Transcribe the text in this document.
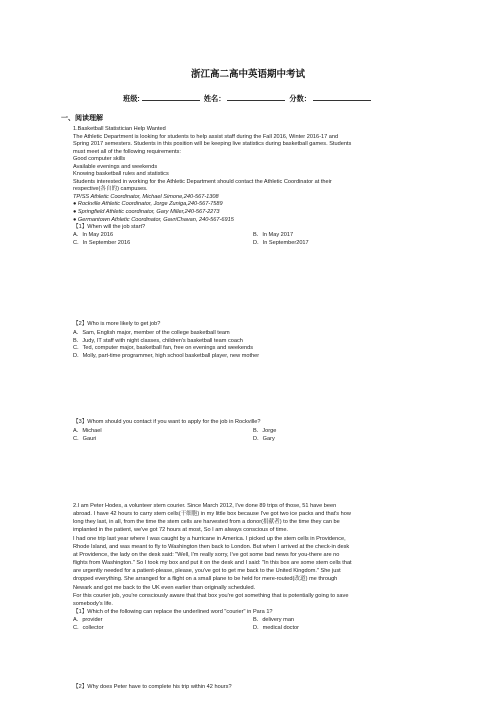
浙江高二高中英语期中考试
班级:	姓名：	分数：
一、阅读理解

1.Basketball Statistician Help Wanted

The Athletic Department is looking for students to help assist staff during the Fall 2016, Winter 2016-17 and

Spring 2017 semesters. Students in this position will be keeping live statistics during basketball games. Students

must meet all of the following requirements:

Good computer skills

Available evenings and weekends

Knowing basketball rules and statistics

Students interested in working for the Athletic Department should contact the Athletic Coordinator at their

respective(各自的) campuses.

TP/SS Athletic Coordinator, Michael Simone,240-567-1308

● Rockville Athletic Coordinator, Jorge Zuniga,240-567-7589

● Springfield Athletic coordinator, Gary Miller,240-567-2273

● Germantown Athletic Coordinator, GavriChavan, 240-567-6915

【1】When will the job start?
A．In May 2016	B．In May 2017
C．In September 2016	D．In September2017
【2】Who is more likely to get job?
A．Sam, English major, member of the college basketball team
B．Judy, IT staff with night classes, children's basketball team coach
C．Ted, computer major, basketball fan, free on evenings and weekends
D．Molly, part-time programmer, high school basketball player, new mother
【3】Whom should you contact if you want to apply for the job in Rockville?
A．Michael	B．Jorge
C．Gauri	D．Gary

2.I am Peter Hodes, a volunteer stem courier. Since March 2012, I've done 89 trips of those, 51 have been

abroad. I have 42 hours to carry stem cells(干细胞) in my little box because I've got two ice packs and that's how

long they last, in all, from the time the stem cells are harvested from a donor(捐献者) to the time they can be

implanted in the patient, we've got 72 hours at most, So I am always conscious of time.

I had one trip last year where I was caught by a hurricane in America. I picked up the stem cells in Providence,

Rhode Island, and was meant to fly to Washington then back to London. But when I arrived at the check-in desk

at Providence, the lady on the desk said: "Well, I'm really sorry, I've got some bad news for you-there are no

flights from Washington." So I took my box and put it on the desk and I said: "In this box are some stem cells that

are urgently needed for a patient-please, please, you've got to get me back to the United Kingdom." She just

dropped everything. She arranged for a flight on a small plane to be held for mere-routed(改道) me through

Newark and got me back to the UK even earlier than originally scheduled.

For this courier job, you're consciously aware that that box you're got something that is potentially going to save

somebody's life.

【1】Which of the following can replace the underlined word "courier" in Para 1?
A．provider	B．delivery man
C．collector	D．medical doctor
【2】Why does Peter have to complete his trip within 42 hours?
